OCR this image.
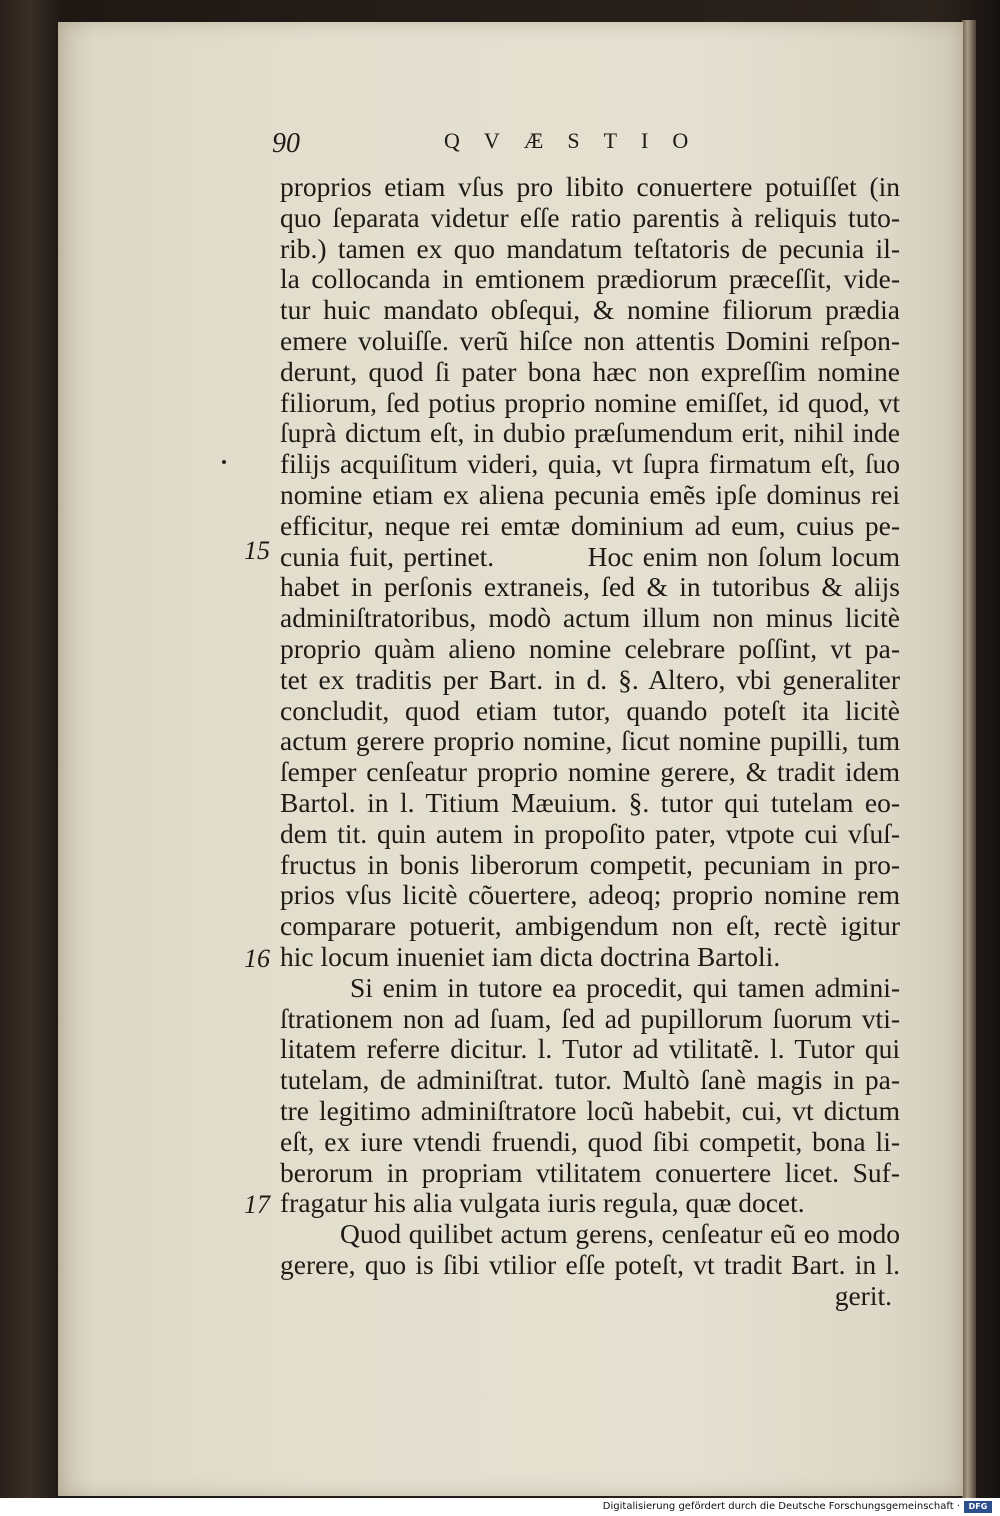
90	QVÆSTIO
15
16
17
proprios etiam vſus pro libito conuertere potuiſſet (in
quo ſeparata videtur eſſe ratio parentis à reliquis tuto-
rib.) tamen ex quo mandatum teſtatoris de pecunia il-
la collocanda in emtionem prædiorum præceſſit, vide-
tur huic mandato obſequi, & nomine filiorum prædia
emere voluiſſe. verũ hiſce non attentis Domini reſpon-
derunt, quod ſi pater bona hæc non expreſſim nomine
filiorum, ſed potius proprio nomine emiſſet, id quod, vt
ſuprà dictum eſt, in dubio præſumendum erit, nihil inde
filijs acquiſitum videri, quia, vt ſupra firmatum eſt, ſuo
nomine etiam ex aliena pecunia emẽs ipſe dominus rei
efficitur, neque rei emtæ dominium ad eum, cuius pe-
cunia fuit, pertinet.          Hoc enim non ſolum locum
habet in perſonis extraneis, ſed & in tutoribus & alijs
adminiſtratoribus, modò actum illum non minus licitè
proprio quàm alieno nomine celebrare poſſint, vt pa-
tet ex traditis per Bart. in d. §. Altero, vbi generaliter
concludit, quod etiam tutor, quando poteſt ita licitè
actum gerere proprio nomine, ſicut nomine pupilli, tum
ſemper cenſeatur proprio nomine gerere, & tradit idem
Bartol. in l. Titium Mæuium. §. tutor qui tutelam eo-
dem tit. quin autem in propoſito pater, vtpote cui vſuſ-
fructus in bonis liberorum competit, pecuniam in pro-
prios vſus licitè cõuertere, adeoq; proprio nomine rem
comparare potuerit, ambigendum non eſt, rectè igitur
hic locum inueniet iam dicta doctrina Bartoli.
Si enim in tutore ea procedit, qui tamen admini-
ſtrationem non ad ſuam, ſed ad pupillorum ſuorum vti-
litatem referre dicitur. l. Tutor ad vtilitatẽ. l. Tutor qui
tutelam, de adminiſtrat. tutor. Multò ſanè magis in pa-
tre legitimo adminiſtratore locũ habebit, cui, vt dictum
eſt, ex iure vtendi fruendi, quod ſibi competit, bona li-
berorum in propriam vtilitatem conuertere licet. Suf-
fragatur his alia vulgata iuris regula, quæ docet.
Quod quilibet actum gerens, cenſeatur eũ eo modo
gerere, quo is ſibi vtilior eſſe poteſt, vt tradit Bart. in l.
gerit.
Digitalisierung gefördert durch die Deutsche Forschungsgemeinschaft ·	DFG
